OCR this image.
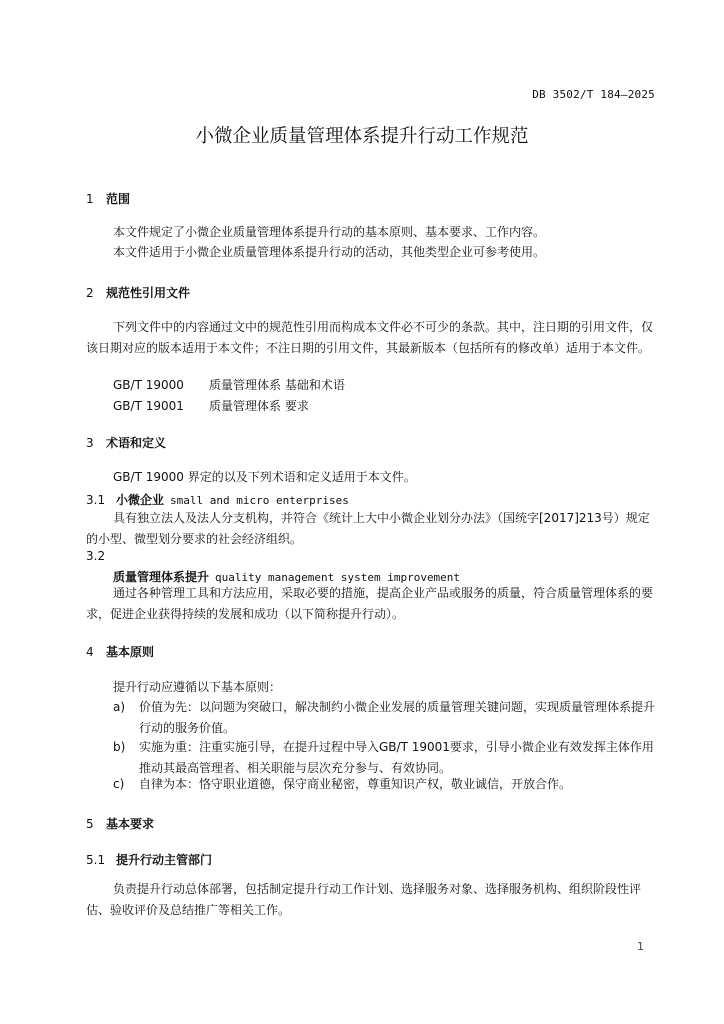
DB 3502/T 184—2025
小微企业质量管理体系提升行动工作规范
1 范围
本文件规定了小微企业质量管理体系提升行动的基本原则、基本要求、工作内容。
本文件适用于小微企业质量管理体系提升行动的活动，其他类型企业可参考使用。
2 规范性引用文件
下列文件中的内容通过文中的规范性引用而构成本文件必不可少的条款。其中，注日期的引用文件，仅该日期对应的版本适用于本文件；不注日期的引用文件，其最新版本（包括所有的修改单）适用于本文件。
GB/T 19000 质量管理体系 基础和术语
GB/T 19001 质量管理体系 要求
3 术语和定义
GB/T 19000 界定的以及下列术语和定义适用于本文件。
3.1 小微企业 small and micro enterprises
具有独立法人及法人分支机构，并符合《统计上大中小微企业划分办法》（国统字[2017]213号）规定的小型、微型划分要求的社会经济组织。
3.2
质量管理体系提升 quality management system improvement
通过各种管理工具和方法应用，采取必要的措施，提高企业产品或服务的质量，符合质量管理体系的要求，促进企业获得持续的发展和成功（以下简称提升行动）。
4 基本原则
提升行动应遵循以下基本原则：
a) 价值为先：以问题为突破口，解决制约小微企业发展的质量管理关键问题，实现质量管理体系提升行动的服务价值。
b) 实施为重：注重实施引导，在提升过程中导入GB/T 19001要求，引导小微企业有效发挥主体作用推动其最高管理者、相关职能与层次充分参与、有效协同。
c) 自律为本：恪守职业道德，保守商业秘密，尊重知识产权，敬业诚信，开放合作。
5 基本要求
5.1 提升行动主管部门
负责提升行动总体部署，包括制定提升行动工作计划、选择服务对象、选择服务机构、组织阶段性评估、验收评价及总结推广等相关工作。
1
